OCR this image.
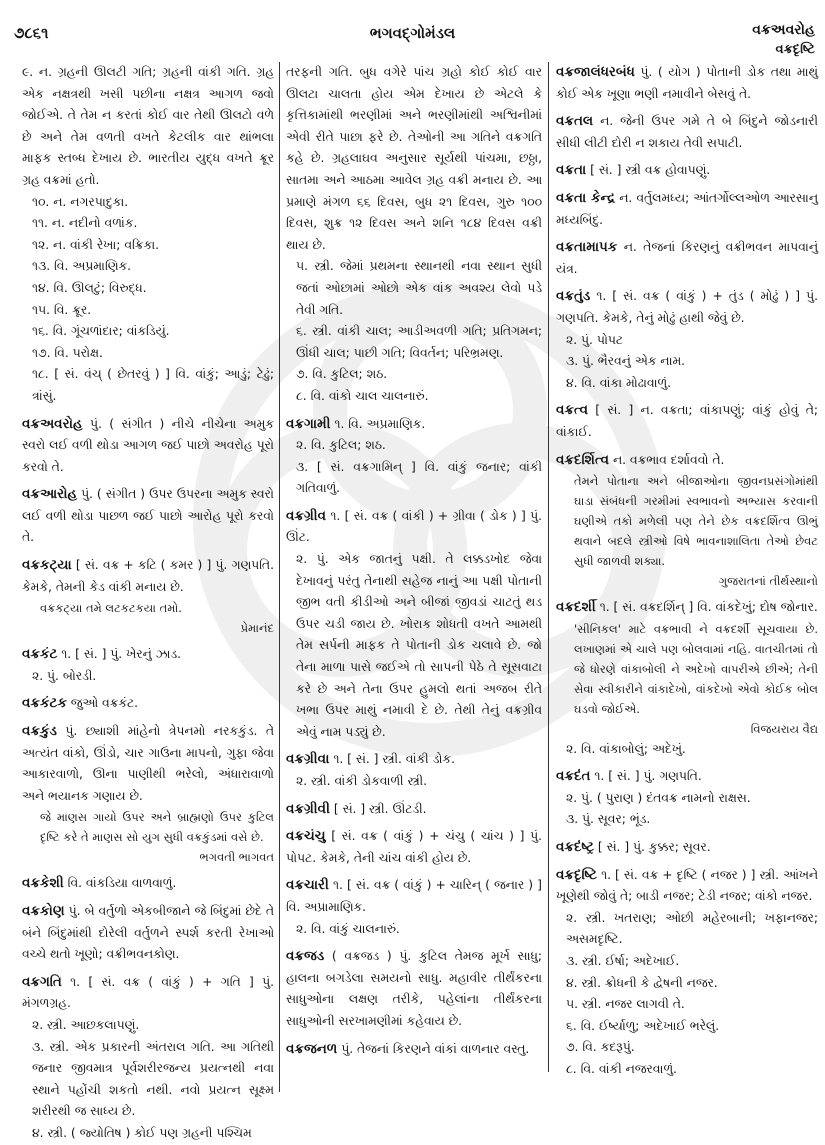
૭૮૬૧	ભગવદ્ગોમંડલ	વક્રઅવરોહ
વક્રદૃષ્ટિ
૯. ન. ગ્રહની ઊલટી ગતિ; ગ્રહની વાંકી ગતિ. ગ્રહ એક નક્ષત્રથી ખસી પછીના નક્ષત્ર આગળ જવો જોઈએ. તે તેમ ન કરતાં કોઈ વાર તેથી ઊલટો વળે છે અને તેમ વળતી વખતે કેટલીક વાર થાંભલા માફક સ્તબ્ધ દેખાય છે. ભારતીય યુદ્ધ વખતે ક્રૂર ગ્રહ વક્રમાં હતો.
૧૦. ન. નગરપાદુકા.
૧૧. ન. નદીનો વળાંક.
૧૨. ન. વાંકી રેખા; વક્રિકા.
૧૩. વિ. અપ્રમાણિક.
૧૪. વિ. ઊલટું; વિરુદ્ધ.
૧૫. વિ. ક્રૂર.
૧૬. વિ. ગૂંચળાંદાર; વાંકડિયું.
૧૭. વિ. પરોક્ષ.
૧૮. [ સં. વંચ્ ( છેતરવું ) ] વિ. વાંકું; આડું; ટેઢું; ત્રાંસું.
વક્રઅવરોહ પું. ( સંગીત ) નીચે નીચેના અમુક સ્વરો લઈ વળી થોડા આગળ જઈ પાછો અવરોહ પૂરો કરવો તે.
વક્રઆરોહ પું. ( સંગીત ) ઉપર ઉપરના અમુક સ્વરો લઈ વળી થોડા પાછળ જઈ પાછો આરોહ પૂરો કરવો તે.
વક્રકટ્યા [ સં. વક્ર + કટિ ( કમર ) ] પું. ગણપતિ. કેમકે, તેમની કેડ વાંકી મનાય છે.
વક્રકટ્યા તમે લટકટકયા તમો.
પ્રેમાનંદ
વક્રકંટ ૧. [ સં. ] પું. ખેરનું ઝાડ.
૨. પું. બોરડી.
વક્રકંટક જુઓ વક્રકંટ.
વક્રકુંડ પું. છ્યાશી માંહેનો ત્રેપનમો નરકકુંડ. તે અત્યંત વાંકો, ઊંડો, ચાર ગાઉના માપનો, ગુફા જેવા આકારવાળો, ઊના પાણીથી ભરેલો, અંધારાવાળો અને ભયાનક ગણાય છે.
જે માણસ ગાયો ઉપર અને બ્રાહ્મણો ઉપર કુટિલ દૃષ્ટિ કરે તે માણસ સો યુગ સુધી વક્રકુંડમાં વસે છે.
ભગવતી ભાગવત
વક્રકેશી વિ. વાંકડિયા વાળવાળું.
વક્રકોણ પું. બે વર્તુળો એકબીજાને જે બિંદુમાં છેદે તે બંને બિંદુમાંથી દોરેલી વર્તુળને સ્પર્શ કરતી રેખાઓ વચ્ચે થતો ખૂણો; વક્રીભવનકોણ.
વક્રગતિ ૧. [ સં. વક્ર ( વાંકું ) + ગતિ ] પું. મંગળગ્રહ.
૨. સ્ત્રી. આછકલાપણું.
૩. સ્ત્રી. એક પ્રકારની અંતરાલ ગતિ. આ ગતિથી જનાર જીવમાત્ર પૂર્વશરીરજન્ય પ્રયત્નથી નવા સ્થાને પહોંચી શકતો નથી. નવો પ્રયત્ન સૂક્ષ્મ શરીરથી જ સાધ્ય છે.
૪. સ્ત્રી. ( જ્યોતિષ ) કોઈ પણ ગ્રહની પશ્ચિમ
તરફની ગતિ. બુધ વગેરે પાંચ ગ્રહો કોઈ કોઈ વાર ઊલટા ચાલતા હોય એમ દેખાય છે એટલે કે કૃત્તિકામાંથી ભરણીમાં અને ભરણીમાંથી અશ્વિનીમાં એવી રીતે પાછા ફરે છે. તેઓની આ ગતિને વક્રગતિ કહે છે. ગ્રહલાઘવ અનુસાર સૂર્યથી પાંચમા, છઠ્ઠા, સાતમા અને આઠમા આવેલ ગ્રહ વક્રી મનાય છે. આ પ્રમાણે મંગળ ૬૬ દિવસ, બુધ ૨૧ દિવસ, ગુરુ ૧૦૦ દિવસ, શુક્ર ૧૨ દિવસ અને શનિ ૧૮૪ દિવસ વક્રી થાય છે.
૫. સ્ત્રી. જેમાં પ્રથમના સ્થાનથી નવા સ્થાન સુધી જતાં ઓછામાં ઓછો એક વાંક અવશ્ય લેવો પડે તેવી ગતિ.
૬. સ્ત્રી. વાંકી ચાલ; આડીઅવળી ગતિ; પ્રતિગમન; ઊંધી ચાલ; પાછી ગતિ; વિવર્તન; પરિભ્રમણ.
૭. વિ. કુટિલ; શઠ.
૮. વિ. વાંકો ચાલ ચાલનારું.
વક્રગામી ૧. વિ. અપ્રમાણિક.
૨. વિ. કુટિલ; શઠ.
૩. [ સં. વક્રગામિન્ ] વિ. વાંકું જનાર; વાંકી ગતિવાળું.
વક્રગ્રીવ ૧. [ સં. વક્ર ( વાંકી ) + ગ્રીવા ( ડોક ) ] પું. ઊંટ.
૨. પું. એક જાતનું પક્ષી. તે લક્કડખોદ જેવા દેખાવનું પરંતુ તેનાથી સહેજ નાનું આ પક્ષી પોતાની જીભ વતી કીડીઓ અને બીજાં જીવડાં ચાટતું થડ ઉપર ચડી જાય છે. ખોરાક શોધતી વખતે આમથી તેમ સર્પની માફક તે પોતાની ડોક ચલાવે છે. જો તેના માળા પાસે જઈએ તો સાપની પેઠે તે સૂસવાટા કરે છે અને તેના ઉપર હુમલો થતાં અજબ રીતે ખભા ઉપર માથું નમાવી દે છે. તેથી તેનું વક્રગ્રીવ એવું નામ પડ્યું છે.
વક્રગ્રીવા ૧. [ સં. ] સ્ત્રી. વાંકી ડોક.
૨. સ્ત્રી. વાંકી ડોકવાળી સ્ત્રી.
વક્રગ્રીવી [ સં. ] સ્ત્રી. ઊંટડી.
વક્રચંચુ [ સં. વક્ર ( વાંકું ) + ચંચુ ( ચાંચ ) ] પું. પોપટ. કેમકે, તેની ચાંચ વાંકી હોય છે.
વક્રચારી ૧. [ સં. વક્ર ( વાંકું ) + ચારિન્ ( જનાર ) ] વિ. અપ્રામાણિક.
૨. વિ. વાંકું ચાલનારું.
વક્રજડ ( વક્રજડ ) પું. કુટિલ તેમજ મૂર્ખ સાધુ; હાલના બગડેલા સમયનો સાધુ. મહાવીર તીર્થંકરના સાધુઓના લક્ષણ તરીકે, પહેલાંના તીર્થંકરના સાધુઓની સરખામણીમાં કહેવાય છે.
વક્રજનળ પું. તેજનાં કિરણને વાંકાં વાળનાર વસ્તુ.
વક્રજાલંધરબંધ પું. ( યોગ ) પોતાની ડોક તથા માથું કોઈ એક ખૂણા ભણી નમાવીને બેસવું તે.
વક્રતલ ન. જેની ઉપર ગમે તે બે બિંદુને જોડનારી સીધી લીટી દોરી ન શકાય તેવી સપાટી.
વક્રતા [ સં. ] સ્ત્રી વક્ર હોવાપણું.
વક્રતા કેન્દ્ર ન. વર્તુલમધ્ય; આંતર્ગોલ્લઓળ આરસાનુ મધ્યબિંદુ.
વક્રતામાપક ન. તેજનાં કિરણનું વક્રીભવન માપવાનું યંત્ર.
વક્રતુંડ ૧. [ સં. વક્ર ( વાંકું ) + તુંડ ( મોઢું ) ] પું. ગણપતિ. કેમકે, તેનું મોઢું હાથી જેવું છે.
૨. પું. પોપટ
૩. પું. ભૈરવનું એક નામ.
૪. વિ. વાંકા મોઢાવાળું.
વક્રત્વ [ સં. ] ન. વક્રતા; વાંકાપણું; વાંકું હોવું તે; વાંકાઈ.
વક્રદર્શિત્વ ન. વક્રભાવ દર્શાવવો તે.
તેમને પોતાના અને બીજાઓના જીવનપ્રસંગોમાંથી ઘાડા સંબંધની ગરમીમાં સ્વભાવનો અભ્યાસ કરવાની ઘણીએ તકો મળેલી પણ તેને છેક વક્રદર્શિત્વ ઊભું થવાને બદલે સ્ત્રીઓ વિષે ભાવનાશાલિતા તેઓ છેવટ સુધી જાળવી શક્યા.
ગુજરાતનાં તીર્થસ્થાનો
વક્રદર્શી ૧. [ સં. વક્રદર્શિન્ ] વિ. વાંકદેખું; દોષ જોનાર.
'સીનિકલ' માટે વક્રભાવી ને વક્રદર્શી સૂચવાયા છે. લખાણમાં એ ચાલે પણ બોલવામાં નહિ. વાતચીતમાં તો જે ધોરણે વાંકાબોલી ને અદેખો વાપરીએ છીએ; તેની સેવા સ્વીકારીને વાંકાદેખો, વાંકદેખો એવો કોઈક બોલ ઘડવો જોઈએ.
વિજયરાય વૈદ્ય
૨. વિ. વાંકાબોલું; અદેખું.
વક્રદંત ૧. [ સં. ] પું. ગણપતિ.
૨. પું. ( પુરાણ ) દંતવક્ર નામનો રાક્ષસ.
૩. પું. સૂવર; ભૂંડ.
વક્રદંષ્ટ્ર [ સં. ] પું. કુક્કર; સૂવર.
વક્રદૃષ્ટિ ૧. [ સં. વક્ર + દૃષ્ટિ ( નજર ) ] સ્ત્રી. આંખને ખૂણેથી જોવું તે; બાડી નજર; ટેડી નજર; વાંકો નજર.
૨. સ્ત્રી. ખતરાણ; ઓછી મહેરબાની; ખફાનજર; અસમદૃષ્ટિ.
૩. સ્ત્રી. ઈર્ષા; અદેખાઈ.
૪. સ્ત્રી. ક્રોધની કે દ્વેષની નજર.
૫. સ્ત્રી. નજર લાગવી તે.
૬. વિ. ઈર્ષ્યાળુ; અદેખાઈ ભરેલું.
૭. વિ. કદરૂપું.
૮. વિ. વાંકી નજરવાળું.
